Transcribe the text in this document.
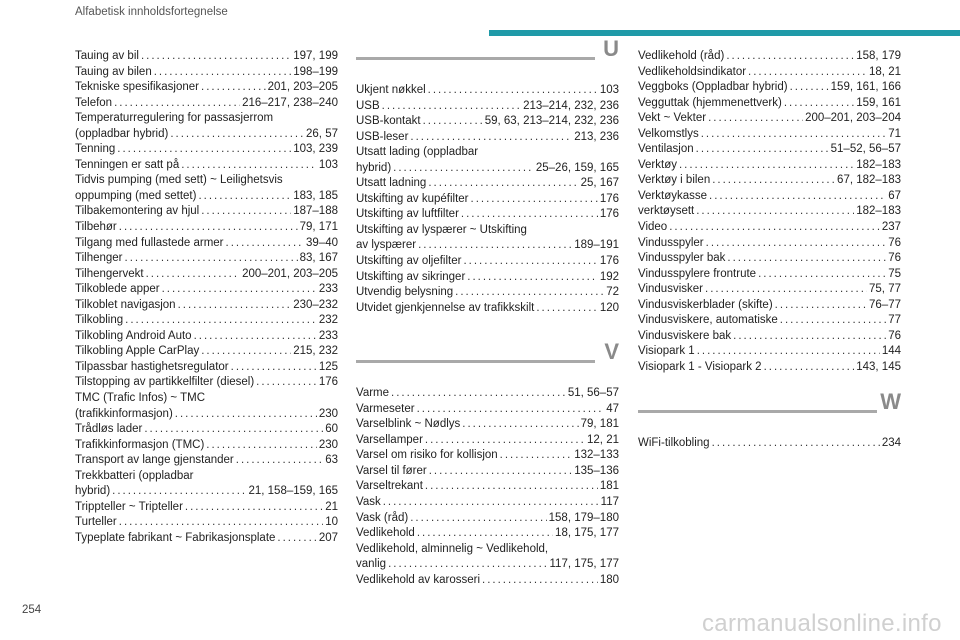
Alfabetisk innholdsfortegnelse
Tauing av bil . . .	197, 199
Tauing av bilen . . .	198–199
Tekniske spesifikasjoner . . .	201, 203–205
Telefon . . .	216–217, 238–240
Temperaturregulering for passasjerrom
(oppladbar hybrid) . . .	26, 57
Tenning . . .	103, 239
Tenningen er satt på . . .	103
Tidvis pumping (med sett) ~ Leilighetsvis
oppumping (med settet) . . .	183, 185
Tilbakemontering av hjul . . .	187–188
Tilbehør . . .	79, 171
Tilgang med fullastede armer . . .	39–40
Tilhenger . . .	83, 167
Tilhengervekt . . .	200–201, 203–205
Tilkoblede apper . . .	233
Tilkoblet navigasjon . . .	230–232
Tilkobling . . .	232
Tilkobling Android Auto . . .	233
Tilkobling Apple CarPlay . . .	215, 232
Tilpassbar hastighetsregulator . . .	125
Tilstopping av partikkelfilter (diesel) . . .	176
TMC (Trafic Infos) ~ TMC
(trafikkinformasjon) . . .	230
Trådløs lader . . .	60
Trafikkinformasjon (TMC) . . .	230
Transport av lange gjenstander . . .	63
Trekkbatteri (oppladbar
hybrid) . . .	21, 158–159, 165
Trippteller ~ Tripteller . . .	21
Turteller . . .	10
Typeplate fabrikant ~ Fabrikasjonsplate . . .	207
U
Ukjent nøkkel . . .	103
USB . . .	213–214, 232, 236
USB-kontakt . . .	59, 63, 213–214, 232, 236
USB-leser . . .	213, 236
Utsatt lading (oppladbar
hybrid) . . .	25–26, 159, 165
Utsatt ladning . . .	25, 167
Utskifting av kupéfilter . . .	176
Utskifting av luftfilter . . .	176
Utskifting av lyspærer ~ Utskifting
av lyspærer . . .	189–191
Utskifting av oljefilter . . .	176
Utskifting av sikringer . . .	192
Utvendig belysning . . .	72
Utvidet gjenkjennelse av trafikkskilt . . .	120
V
Varme . . .	51, 56–57
Varmeseter . . .	47
Varselblink ~ Nødlys . . .	79, 181
Varsellamper . . .	12, 21
Varsel om risiko for kollisjon . . .	132–133
Varsel til fører . . .	135–136
Varseltrekant . . .	181
Vask . . .	117
Vask (råd) . . .	158, 179–180
Vedlikehold . . .	18, 175, 177
Vedlikehold, alminnelig ~ Vedlikehold,
vanlig . . .	117, 175, 177
Vedlikehold av karosseri . . .	180
Vedlikehold (råd) . . .	158, 179
Vedlikeholdsindikator . . .	18, 21
Veggboks (Oppladbar hybrid) . . .	159, 161, 166
Vegguttak (hjemmenettverk) . . .	159, 161
Vekt ~ Vekter . . .	200–201, 203–204
Velkomstlys . . .	71
Ventilasjon . . .	51–52, 56–57
Verktøy . . .	182–183
Verktøy i bilen . . .	67, 182–183
Verktøykasse . . .	67
verktøysett . . .	182–183
Video . . .	237
Vindusspyler . . .	76
Vindusspyler bak . . .	76
Vindusspylere frontrute . . .	75
Vindusvisker . . .	75, 77
Vindusviskerblader (skifte) . . .	76–77
Vindusviskere, automatiske . . .	77
Vindusviskere bak . . .	76
Visiopark 1 . . .	144
Visiopark 1 - Visiopark 2 . . .	143, 145
W
WiFi-tilkobling . . .	234
254	carmanualsonline.info
